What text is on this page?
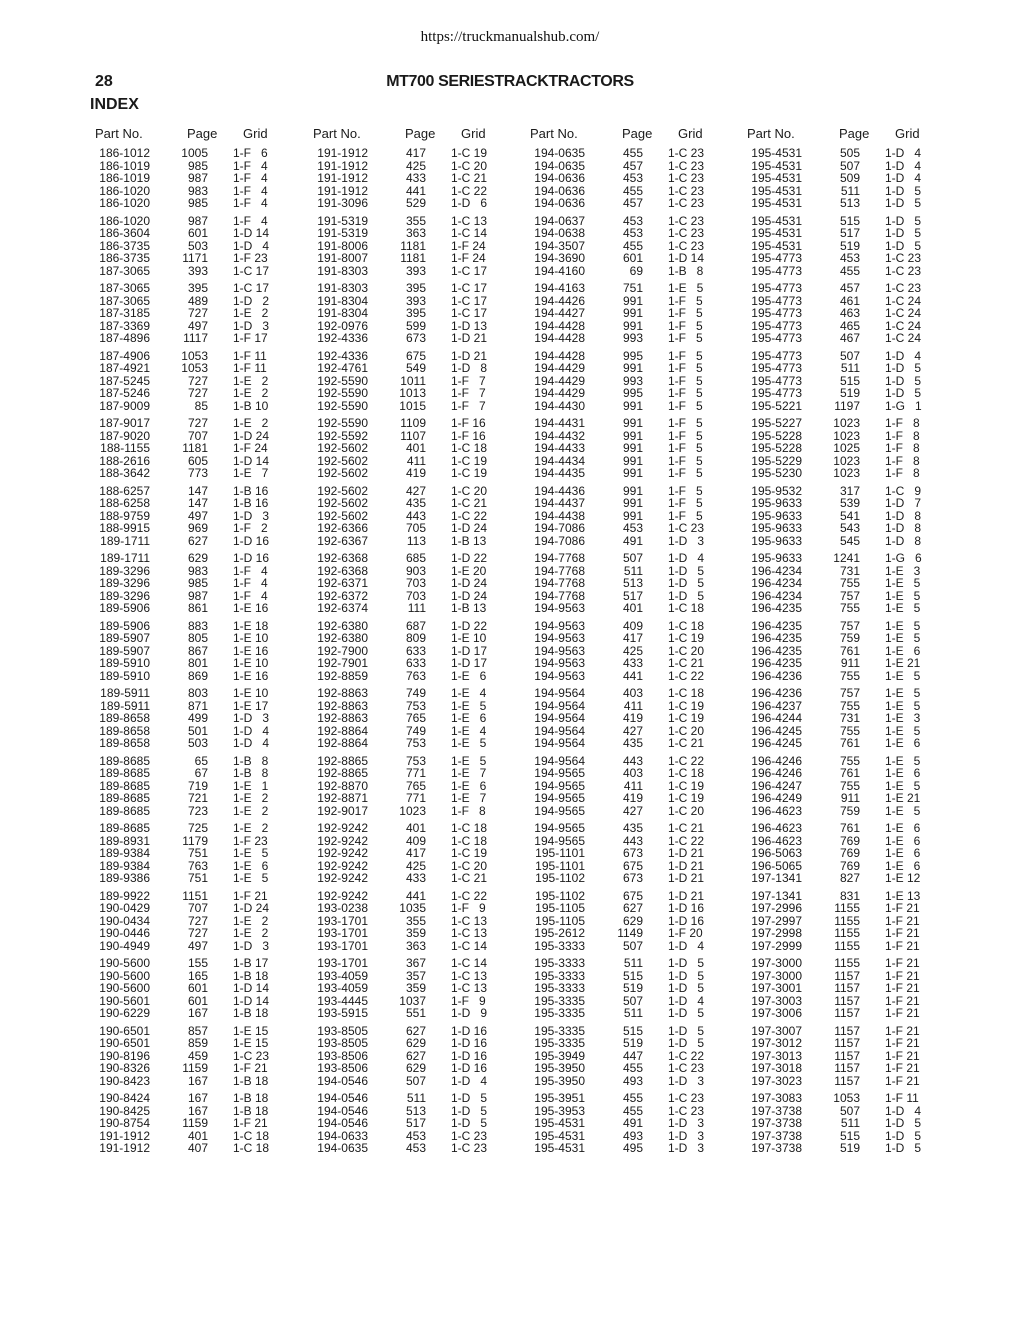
https://truckmanualshub.com/
28	MT700 SERIESTRACKTRACTORS
INDEX
Part No.	Page Grid
186-1012	1005 1-F   6
186-1019	985 1-F   4
186-1019	987 1-F   4
186-1020	983 1-F   4
186-1020	985 1-F   4
186-1020	987 1-F   4
186-3604	601 1-D 14
186-3735	503 1-D   4
186-3735	1171 1-F 23
187-3065	393 1-C 17
187-3065	395 1-C 17
187-3065	489 1-D   2
187-3185	727 1-E   2
187-3369	497 1-D   3
187-4896	1117 1-F 17
187-4906	1053 1-F 11
187-4921	1053 1-F 11
187-5245	727 1-E   2
187-5246	727 1-E   2
187-9009	85 1-B 10
187-9017	727 1-E   2
187-9020	707 1-D 24
188-1155	1181 1-F 24
188-2616	605 1-D 14
188-3642	773 1-E   7
188-6257	147 1-B 16
188-6258	147 1-B 16
188-9759	497 1-D   3
188-9915	969 1-F   2
189-1711	627 1-D 16
189-1711	629 1-D 16
189-3296	983 1-F   4
189-3296	985 1-F   4
189-3296	987 1-F   4
189-5906	861 1-E 16
189-5906	883 1-E 18
189-5907	805 1-E 10
189-5907	867 1-E 16
189-5910	801 1-E 10
189-5910	869 1-E 16
189-5911	803 1-E 10
189-5911	871 1-E 17
189-8658	499 1-D   3
189-8658	501 1-D   4
189-8658	503 1-D   4
189-8685	65 1-B   8
189-8685	67 1-B   8
189-8685	719 1-E   1
189-8685	721 1-E   2
189-8685	723 1-E   2
189-8685	725 1-E   2
189-8931	1179 1-F 23
189-9384	751 1-E   5
189-9384	763 1-E   6
189-9386	751 1-E   5
189-9922	1151 1-F 21
190-0429	707 1-D 24
190-0434	727 1-E   2
190-0446	727 1-E   2
190-4949	497 1-D   3
190-5600	155 1-B 17
190-5600	165 1-B 18
190-5600	601 1-D 14
190-5601	601 1-D 14
190-6229	167 1-B 18
190-6501	857 1-E 15
190-6501	859 1-E 15
190-8196	459 1-C 23
190-8326	1159 1-F 21
190-8423	167 1-B 18
190-8424	167 1-B 18
190-8425	167 1-B 18
190-8754	1159 1-F 21
191-1912	401 1-C 18
191-1912	407 1-C 18
Part No.	Page Grid
191-1912	417 1-C 19
191-1912	425 1-C 20
191-1912	433 1-C 21
191-1912	441 1-C 22
191-3096	529 1-D   6
191-5319	355 1-C 13
191-5319	363 1-C 14
191-8006	1181 1-F 24
191-8007	1181 1-F 24
191-8303	393 1-C 17
191-8303	395 1-C 17
191-8304	393 1-C 17
191-8304	395 1-C 17
192-0976	599 1-D 13
192-4336	673 1-D 21
192-4336	675 1-D 21
192-4761	549 1-D   8
192-5590	1011 1-F   7
192-5590	1013 1-F   7
192-5590	1015 1-F   7
192-5590	1109 1-F 16
192-5592	1107 1-F 16
192-5602	401 1-C 18
192-5602	411 1-C 19
192-5602	419 1-C 19
192-5602	427 1-C 20
192-5602	435 1-C 21
192-5602	443 1-C 22
192-6366	705 1-D 24
192-6367	113 1-B 13
192-6368	685 1-D 22
192-6368	903 1-E 20
192-6371	703 1-D 24
192-6372	703 1-D 24
192-6374	111 1-B 13
192-6380	687 1-D 22
192-6380	809 1-E 10
192-7900	633 1-D 17
192-7901	633 1-D 17
192-8859	763 1-E   6
192-8863	749 1-E   4
192-8863	753 1-E   5
192-8863	765 1-E   6
192-8864	749 1-E   4
192-8864	753 1-E   5
192-8865	753 1-E   5
192-8865	771 1-E   7
192-8870	765 1-E   6
192-8871	771 1-E   7
192-9017	1023 1-F   8
192-9242	401 1-C 18
192-9242	409 1-C 18
192-9242	417 1-C 19
192-9242	425 1-C 20
192-9242	433 1-C 21
192-9242	441 1-C 22
193-0238	1035 1-F   9
193-1701	355 1-C 13
193-1701	359 1-C 13
193-1701	363 1-C 14
193-1701	367 1-C 14
193-4059	357 1-C 13
193-4059	359 1-C 13
193-4445	1037 1-F   9
193-5915	551 1-D   9
193-8505	627 1-D 16
193-8505	629 1-D 16
193-8506	627 1-D 16
193-8506	629 1-D 16
194-0546	507 1-D   4
194-0546	511 1-D   5
194-0546	513 1-D   5
194-0546	517 1-D   5
194-0633	453 1-C 23
194-0635	453 1-C 23
Part No.	Page Grid
194-0635	455 1-C 23
194-0635	457 1-C 23
194-0636	453 1-C 23
194-0636	455 1-C 23
194-0636	457 1-C 23
194-0637	453 1-C 23
194-0638	453 1-C 23
194-3507	455 1-C 23
194-3690	601 1-D 14
194-4160	69 1-B   8
194-4163	751 1-E   5
194-4426	991 1-F   5
194-4427	991 1-F   5
194-4428	991 1-F   5
194-4428	993 1-F   5
194-4428	995 1-F   5
194-4429	991 1-F   5
194-4429	993 1-F   5
194-4429	995 1-F   5
194-4430	991 1-F   5
194-4431	991 1-F   5
194-4432	991 1-F   5
194-4433	991 1-F   5
194-4434	991 1-F   5
194-4435	991 1-F   5
194-4436	991 1-F   5
194-4437	991 1-F   5
194-4438	991 1-F   5
194-7086	453 1-C 23
194-7086	491 1-D   3
194-7768	507 1-D   4
194-7768	511 1-D   5
194-7768	513 1-D   5
194-7768	517 1-D   5
194-9563	401 1-C 18
194-9563	409 1-C 18
194-9563	417 1-C 19
194-9563	425 1-C 20
194-9563	433 1-C 21
194-9563	441 1-C 22
194-9564	403 1-C 18
194-9564	411 1-C 19
194-9564	419 1-C 19
194-9564	427 1-C 20
194-9564	435 1-C 21
194-9564	443 1-C 22
194-9565	403 1-C 18
194-9565	411 1-C 19
194-9565	419 1-C 19
194-9565	427 1-C 20
194-9565	435 1-C 21
194-9565	443 1-C 22
195-1101	673 1-D 21
195-1101	675 1-D 21
195-1102	673 1-D 21
195-1102	675 1-D 21
195-1105	627 1-D 16
195-1105	629 1-D 16
195-2612	1149 1-F 20
195-3333	507 1-D   4
195-3333	511 1-D   5
195-3333	515 1-D   5
195-3333	519 1-D   5
195-3335	507 1-D   4
195-3335	511 1-D   5
195-3335	515 1-D   5
195-3335	519 1-D   5
195-3949	447 1-C 22
195-3950	455 1-C 23
195-3950	493 1-D   3
195-3951	455 1-C 23
195-3953	455 1-C 23
195-4531	491 1-D   3
195-4531	493 1-D   3
195-4531	495 1-D   3
Part No.	Page Grid
195-4531	505 1-D   4
195-4531	507 1-D   4
195-4531	509 1-D   4
195-4531	511 1-D   5
195-4531	513 1-D   5
195-4531	515 1-D   5
195-4531	517 1-D   5
195-4531	519 1-D   5
195-4773	453 1-C 23
195-4773	455 1-C 23
195-4773	457 1-C 23
195-4773	461 1-C 24
195-4773	463 1-C 24
195-4773	465 1-C 24
195-4773	467 1-C 24
195-4773	507 1-D   4
195-4773	511 1-D   5
195-4773	515 1-D   5
195-4773	519 1-D   5
195-5221	1197 1-G   1
195-5227	1023 1-F   8
195-5228	1023 1-F   8
195-5228	1025 1-F   8
195-5229	1023 1-F   8
195-5230	1023 1-F   8
195-9532	317 1-C   9
195-9633	539 1-D   7
195-9633	541 1-D   8
195-9633	543 1-D   8
195-9633	545 1-D   8
195-9633	1241 1-G   6
196-4234	731 1-E   3
196-4234	755 1-E   5
196-4234	757 1-E   5
196-4235	755 1-E   5
196-4235	757 1-E   5
196-4235	759 1-E   5
196-4235	761 1-E   6
196-4235	911 1-E 21
196-4236	755 1-E   5
196-4236	757 1-E   5
196-4237	755 1-E   5
196-4244	731 1-E   3
196-4245	755 1-E   5
196-4245	761 1-E   6
196-4246	755 1-E   5
196-4246	761 1-E   6
196-4247	755 1-E   5
196-4249	911 1-E 21
196-4623	759 1-E   5
196-4623	761 1-E   6
196-4623	769 1-E   6
196-5063	769 1-E   6
196-5065	769 1-E   6
197-1341	827 1-E 12
197-1341	831 1-E 13
197-2996	1155 1-F 21
197-2997	1155 1-F 21
197-2998	1155 1-F 21
197-2999	1155 1-F 21
197-3000	1155 1-F 21
197-3000	1157 1-F 21
197-3001	1157 1-F 21
197-3003	1157 1-F 21
197-3006	1157 1-F 21
197-3007	1157 1-F 21
197-3012	1157 1-F 21
197-3013	1157 1-F 21
197-3018	1157 1-F 21
197-3023	1157 1-F 21
197-3083	1053 1-F 11
197-3738	507 1-D   4
197-3738	511 1-D   5
197-3738	515 1-D   5
197-3738	519 1-D   5
